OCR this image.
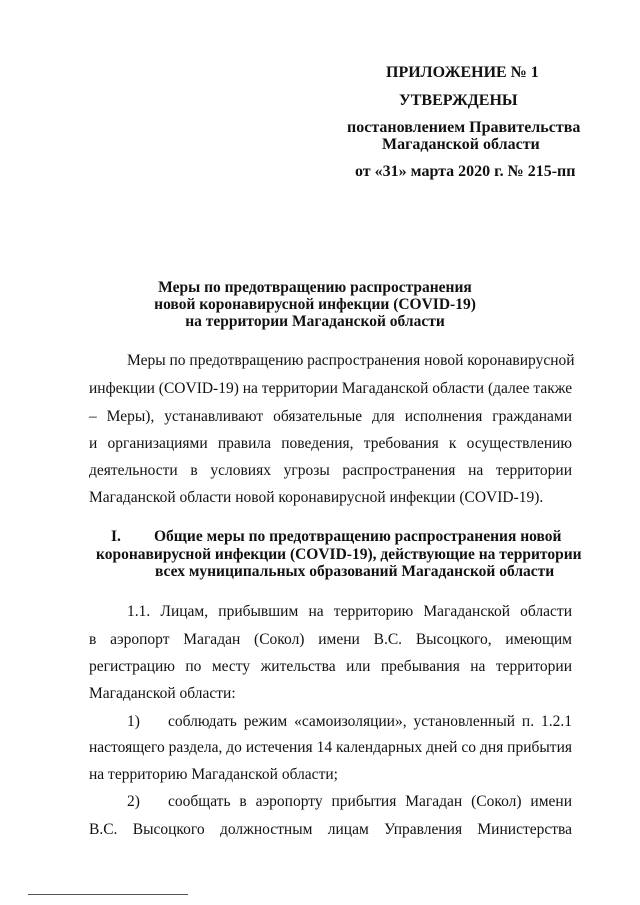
ПРИЛОЖЕНИЕ № 1
УТВЕРЖДЕНЫ
постановлением Правительства
Магаданской области
от «31» марта 2020 г. № 215-пп
Меры по предотвращению распространения
новой коронавирусной инфекции (COVID-19)
на территории Магаданской области
Меры по предотвращению распространения новой коронавирусной
инфекции (COVID-19) на территории Магаданской области (далее также
– Меры), устанавливают обязательные для исполнения гражданами
и организациями правила поведения, требования к осуществлению
деятельности в условиях угрозы распространения на территории
Магаданской области новой коронавирусной инфекции (COVID-19).
I. Общие меры по предотвращению распространения новой
коронавирусной инфекции (COVID-19), действующие на территории
всех муниципальных образований Магаданской области
1.1. Лицам, прибывшим на территорию Магаданской области
в аэропорт Магадан (Сокол) имени В.С. Высоцкого, имеющим
регистрацию по месту жительства или пребывания на территории
Магаданской области:
1) соблюдать режим «самоизоляции», установленный п. 1.2.1
настоящего раздела, до истечения 14 календарных дней со дня прибытия
на территорию Магаданской области;
2) сообщать в аэропорту прибытия Магадан (Сокол) имени
В.С. Высоцкого должностным лицам Управления Министерства
